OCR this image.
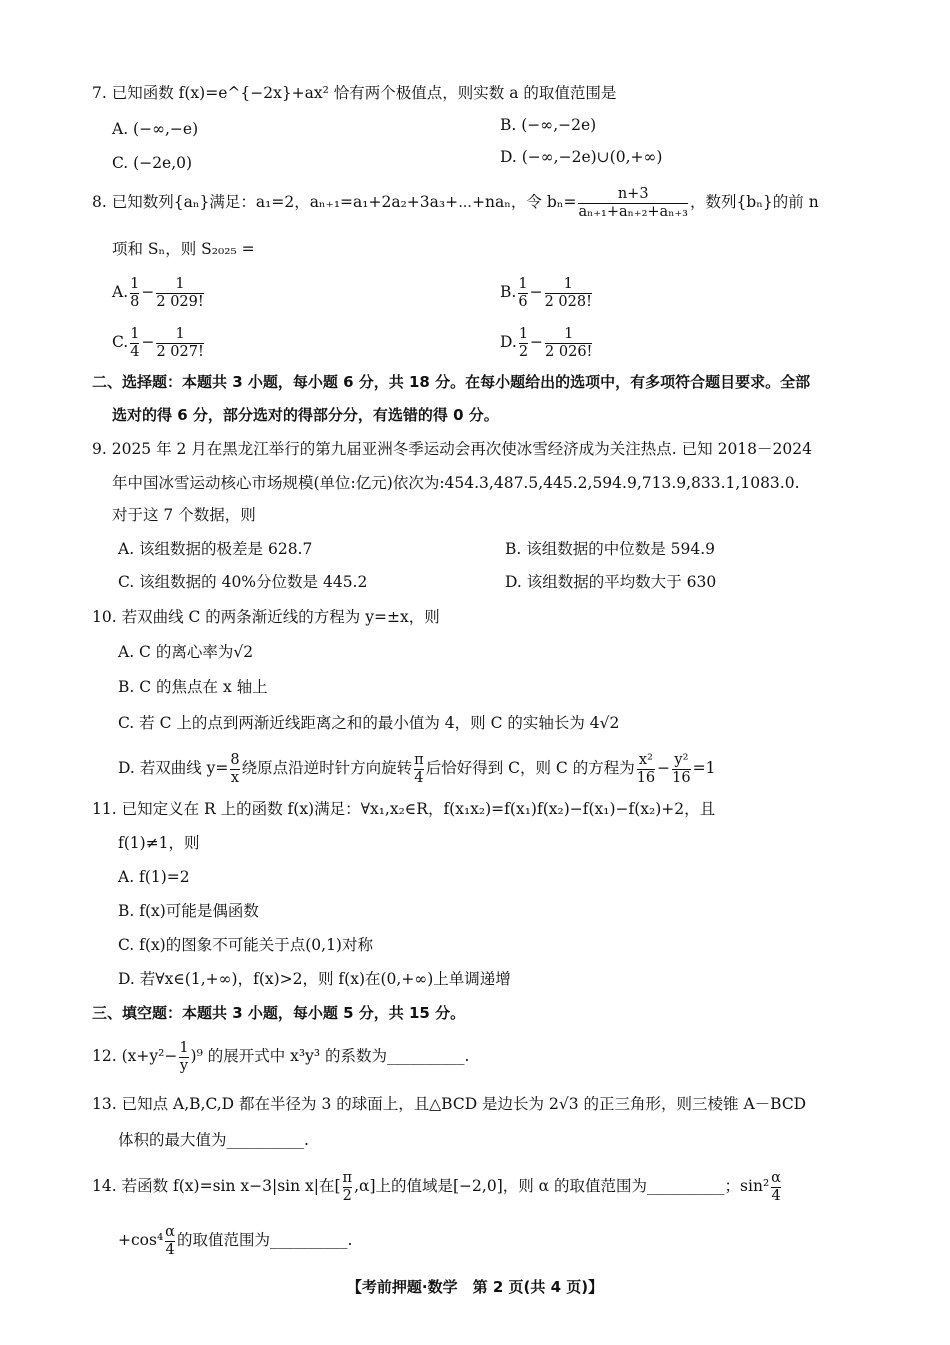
7. 已知函数 f(x)=e^{−2x}+ax² 恰有两个极值点，则实数 a 的取值范围是
A. (−∞,−e)	B. (−∞,−2e)
C. (−2e,0)	D. (−∞,−2e)∪(0,+∞)
8. 已知数列{aₙ}满足：a₁=2，aₙ₊₁=a₁+2a₂+3a₃+⋯+naₙ，令 $b_n= \frac{n+3}{\text{aₙ₊₁+aₙ₊₂+aₙ₊₃}}$ ，数列{bₙ}的前 n
项和 Sₙ，则 S₂₀₂₅ =
A. $\frac{1}{8} - \frac{1}{2 029!}$	B. $\frac{1}{6} - \frac{1}{2 028!}$
C. $\frac{1}{4} - \frac{1}{2 027!}$	D. $\frac{1}{2} - \frac{1}{2 026!}$
二、选择题：本题共 3 小题，每小题 6 分，共 18 分。在每小题给出的选项中，有多项符合题目要求。全部
选对的得 6 分，部分选对的得部分分，有选错的得 0 分。
9. 2025 年 2 月在黑龙江举行的第九届亚洲冬季运动会再次使冰雪经济成为关注热点. 已知 2018－2024
年中国冰雪运动核心市场规模(单位:亿元)依次为:454.3,487.5,445.2,594.9,713.9,833.1,1083.0.
对于这 7 个数据，则
A. 该组数据的极差是 628.7	B. 该组数据的中位数是 594.9
C. 该组数据的 40%分位数是 445.2	D. 该组数据的平均数大于 630
10. 若双曲线 C 的两条渐近线的方程为 y=±x，则
A. C 的离心率为√2
B. C 的焦点在 x 轴上
C. 若 C 上的点到两渐近线距离之和的最小值为 4，则 C 的实轴长为 4√2
D. 若双曲线 $y= \frac{8}{x}$ 绕原点沿逆时针方向旋转 $\frac{\pi}{4}$ 后恰好得到 C，则 C 的方程为 $\frac{\text{x²}}{16} - \frac{\text{y²}}{16} =1$
11. 已知定义在 R 上的函数 f(x)满足：∀x₁,x₂∈R，f(x₁x₂)=f(x₁)f(x₂)−f(x₁)−f(x₂)+2，且
f(1)≠1，则
A. f(1)=2
B. f(x)可能是偶函数
C. f(x)的图象不可能关于点(0,1)对称
D. 若∀x∈(1,+∞)，f(x)>2，则 f(x)在(0,+∞)上单调递增
三、填空题：本题共 3 小题，每小题 5 分，共 15 分。
12. $(x+y^2- \frac{1}{y} )^9$ 的展开式中 x³y³ 的系数为__________.
13. 已知点 A,B,C,D 都在半径为 3 的球面上，且△BCD 是边长为 2√3 的正三角形，则三棱锥 A－BCD
体积的最大值为__________.
14. 若函数 f(x)=sin x−3|sin x|在[ $\frac{\pi}{2} ,\alpha$]上的值域是[−2,0]，则 α 的取值范围为__________；$\sin^2 \frac{\alpha}{4}$
$+\cos^4 \frac{\alpha}{4}$ 的取值范围为__________.
【考前押题·数学　第 2 页(共 4 页)】
